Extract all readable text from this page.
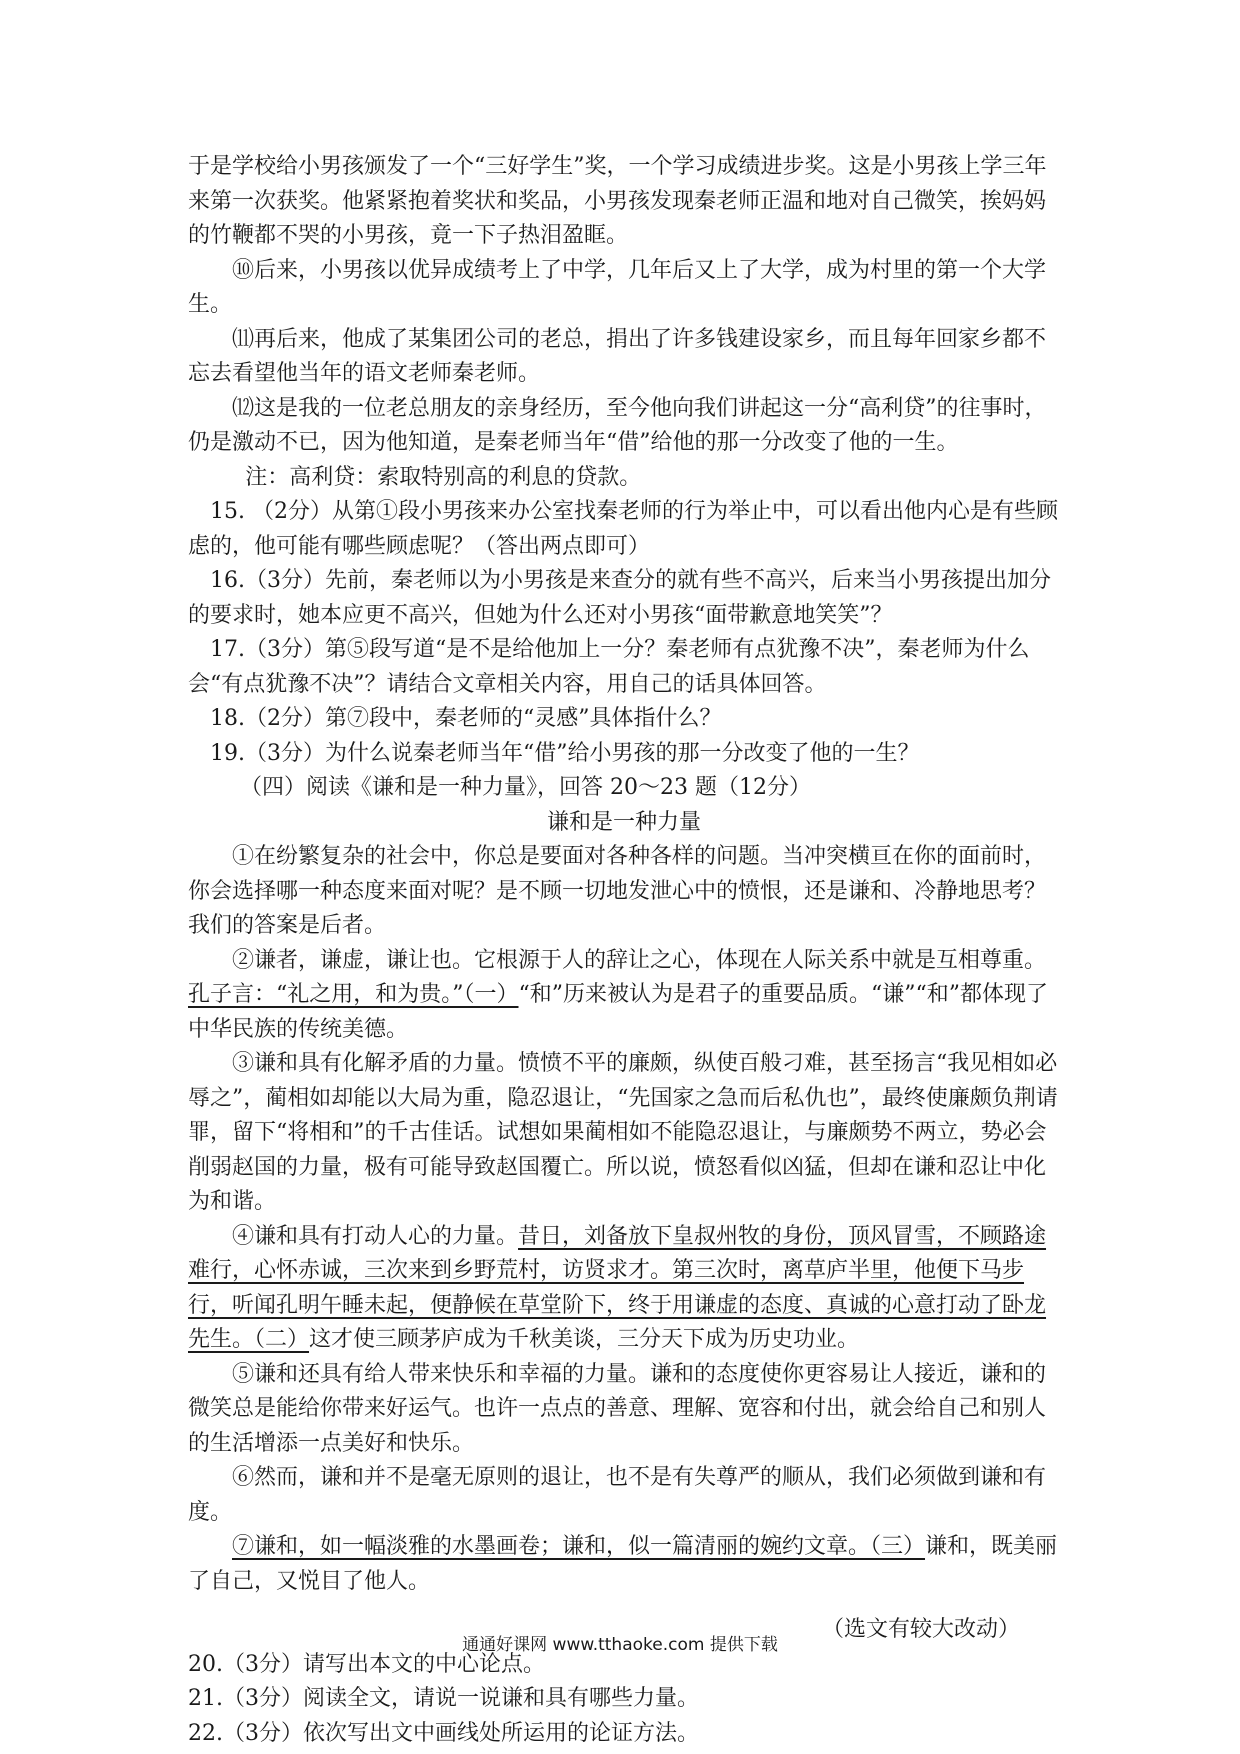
于是学校给小男孩颁发了一个“三好学生”奖，一个学习成绩进步奖。这是小男孩上学三年来第一次获奖。他紧紧抱着奖状和奖品，小男孩发现秦老师正温和地对自己微笑，挨妈妈的竹鞭都不哭的小男孩，竟一下子热泪盈眶。

⑩后来，小男孩以优异成绩考上了中学，几年后又上了大学，成为村里的第一个大学生。

⑾再后来，他成了某集团公司的老总，捐出了许多钱建设家乡，而且每年回家乡都不忘去看望他当年的语文老师秦老师。

⑿这是我的一位老总朋友的亲身经历，至今他向我们讲起这一分“高利贷”的往事时，仍是激动不已，因为他知道，是秦老师当年“借”给他的那一分改变了他的一生。

注：高利贷：索取特别高的利息的贷款。

15. （2分）从第①段小男孩来办公室找秦老师的行为举止中，可以看出他内心是有些顾虑的，他可能有哪些顾虑呢？（答出两点即可）

16.（3分）先前，秦老师以为小男孩是来查分的就有些不高兴，后来当小男孩提出加分的要求时，她本应更不高兴，但她为什么还对小男孩“面带歉意地笑笑”？

17.（3分）第⑤段写道“是不是给他加上一分？秦老师有点犹豫不决”，秦老师为什么会“有点犹豫不决”？请结合文章相关内容，用自己的话具体回答。

18.（2分）第⑦段中，秦老师的“灵感”具体指什么？

19.（3分）为什么说秦老师当年“借”给小男孩的那一分改变了他的一生？

（四）阅读《谦和是一种力量》，回答 20～23 题（12分）

谦和是一种力量

①在纷繁复杂的社会中，你总是要面对各种各样的问题。当冲突横亘在你的面前时，你会选择哪一种态度来面对呢？是不顾一切地发泄心中的愤恨，还是谦和、冷静地思考？我们的答案是后者。

②谦者，谦虚，谦让也。它根源于人的辞让之心，体现在人际关系中就是互相尊重。孔子言：“礼之用，和为贵。”（一）“和”历来被认为是君子的重要品质。“谦”“和”都体现了中华民族的传统美德。

③谦和具有化解矛盾的力量。愤愤不平的廉颇，纵使百般刁难，甚至扬言“我见相如必辱之”，蔺相如却能以大局为重，隐忍退让，“先国家之急而后私仇也”，最终使廉颇负荆请罪，留下“将相和”的千古佳话。试想如果蔺相如不能隐忍退让，与廉颇势不两立，势必会削弱赵国的力量，极有可能导致赵国覆亡。所以说，愤怒看似凶猛，但却在谦和忍让中化为和谐。

④谦和具有打动人心的力量。昔日，刘备放下皇叔州牧的身份，顶风冒雪，不顾路途难行，心怀赤诚，三次来到乡野荒村，访贤求才。第三次时，离草庐半里，他便下马步行，听闻孔明午睡未起，便静候在草堂阶下，终于用谦虚的态度、真诚的心意打动了卧龙先生。（二）这才使三顾茅庐成为千秋美谈，三分天下成为历史功业。

⑤谦和还具有给人带来快乐和幸福的力量。谦和的态度使你更容易让人接近，谦和的微笑总是能给你带来好运气。也许一点点的善意、理解、宽容和付出，就会给自己和别人的生活增添一点美好和快乐。

⑥然而，谦和并不是毫无原则的退让，也不是有失尊严的顺从，我们必须做到谦和有度。

⑦谦和，如一幅淡雅的水墨画卷；谦和，似一篇清丽的婉约文章。（三）谦和，既美丽了自己，又悦目了他人。

（选文有较大改动）

20.（3分）请写出本文的中心论点。

21.（3分）阅读全文，请说一说谦和具有哪些力量。

22.（3分）依次写出文中画线处所运用的论证方法。

通通好课网 www.tthaoke.com 提供下载
